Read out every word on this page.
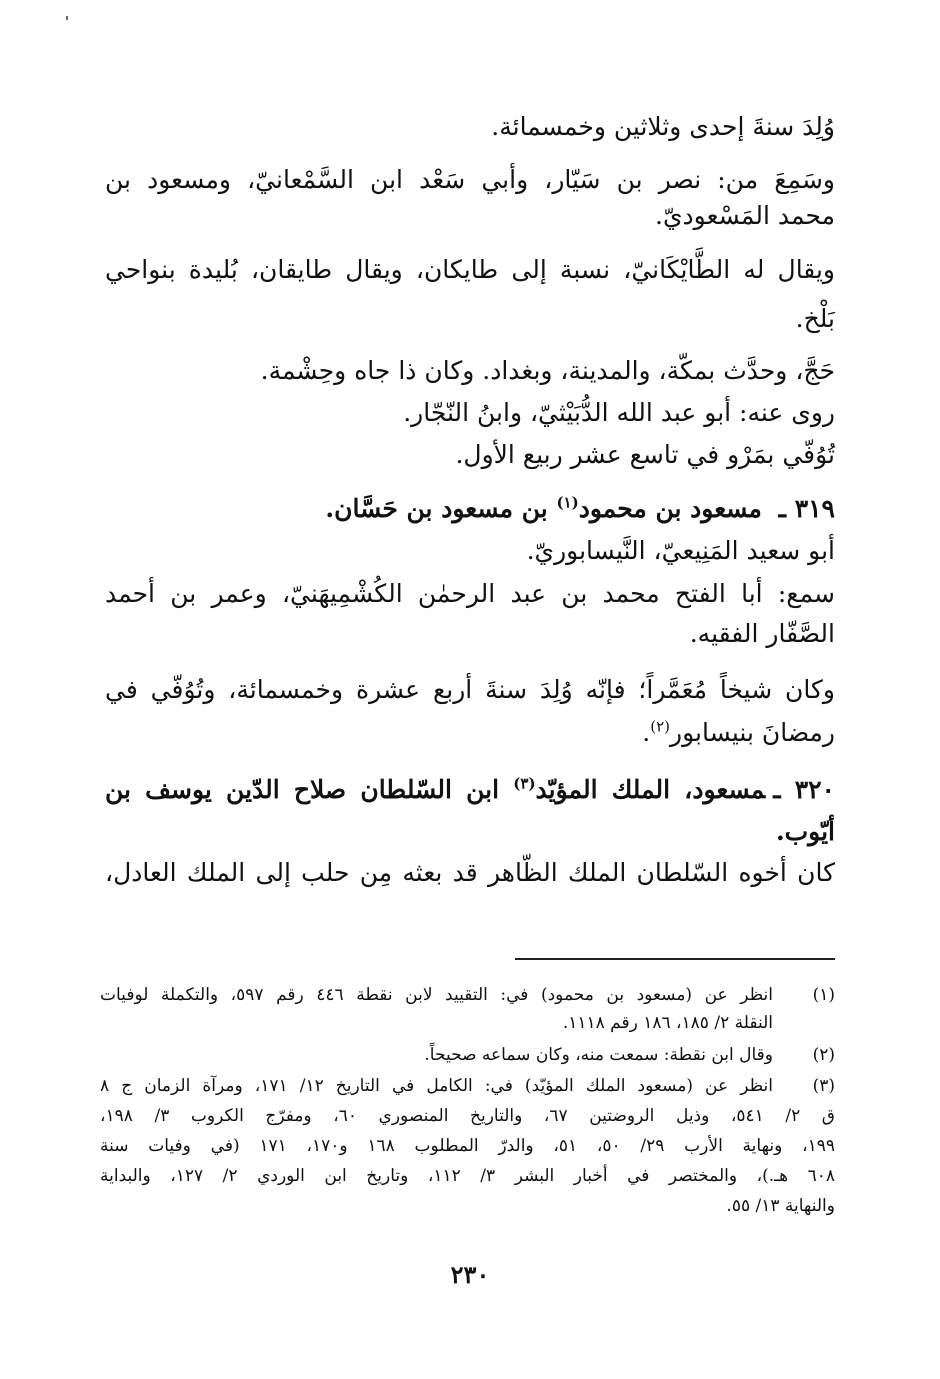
وُلِدَ سنةَ إحدى وثلاثين وخمسمائة.
وسَمِعَ من: نصر بن سَيّار، وأبي سَعْد ابن السَّمْعانيّ، ومسعود بن
محمد المَسْعوديّ.
ويقال له الطَّايْكَانيّ، نسبة إلى طايكان، ويقال طايقان، بُليدة بنواحي
بَلْخ.
حَجَّ، وحدَّث بمكّة، والمدينة، وبغداد. وكان ذا جاه وحِشْمة.
روى عنه: أبو عبد الله الدُّبَيْثيّ، وابنُ النّجّار.
تُوُفّي بمَرْو في تاسع عشر ربيع الأول.
٣١٩ ـ مسعود بن محمود$^{(١)}$ بن مسعود بن حَسَّان.
أبو سعيد المَنِيعيّ، النَّيسابوريّ.
سمع: أبا الفتح محمد بن عبد الرحمٰن الكُشْمِيهَنيّ، وعمر بن أحمد
الصَّفّار الفقيه.
وكان شيخاً مُعَمَّراً؛ فإنّه وُلِدَ سنةَ أربع عشرة وخمسمائة، وتُوُفّي في
رمضانَ بنيسابور$^{(٢)}$.
٣٢٠ ـمسعود، الملك المؤيّد$^{(٣)}$ ابن السّلطان صلاح الدّين يوسف بن
أيّوب.
كان أخوه السّلطان الملك الظّاهر قد بعثه مِن حلب إلى الملك العادل،
(١)
انظر عن (مسعود بن محمود) في: التقييد لابن نقطة ٤٤٦ رقم ٥٩٧، والتكملة لوفيات
النقلة ٢/ ١٨٥، ١٨٦ رقم ١١١٨.
(٢)
وقال ابن نقطة: سمعت منه، وكان سماعه صحيحاً.
(٣)
انظر عن (مسعود الملك المؤيّد) في: الكامل في التاريخ ١٢/ ١٧١، ومرآة الزمان ج ٨
ق ٢/ ٥٤١، وذيل الروضتين ٦٧، والتاريخ المنصوري ٦٠، ومفرّج الكروب ٣/ ١٩٨،
١٩٩، ونهاية الأرب ٢٩/ ٥٠، ٥١، والدرّ المطلوب ١٦٨ و١٧٠، ١٧١ (في وفيات سنة
٦٠٨ هـ.)، والمختصر في أخبار البشر ٣/ ١١٢، وتاريخ ابن الوردي ٢/ ١٢٧، والبداية
والنهاية ١٣/ ٥٥.
٢٣٠
